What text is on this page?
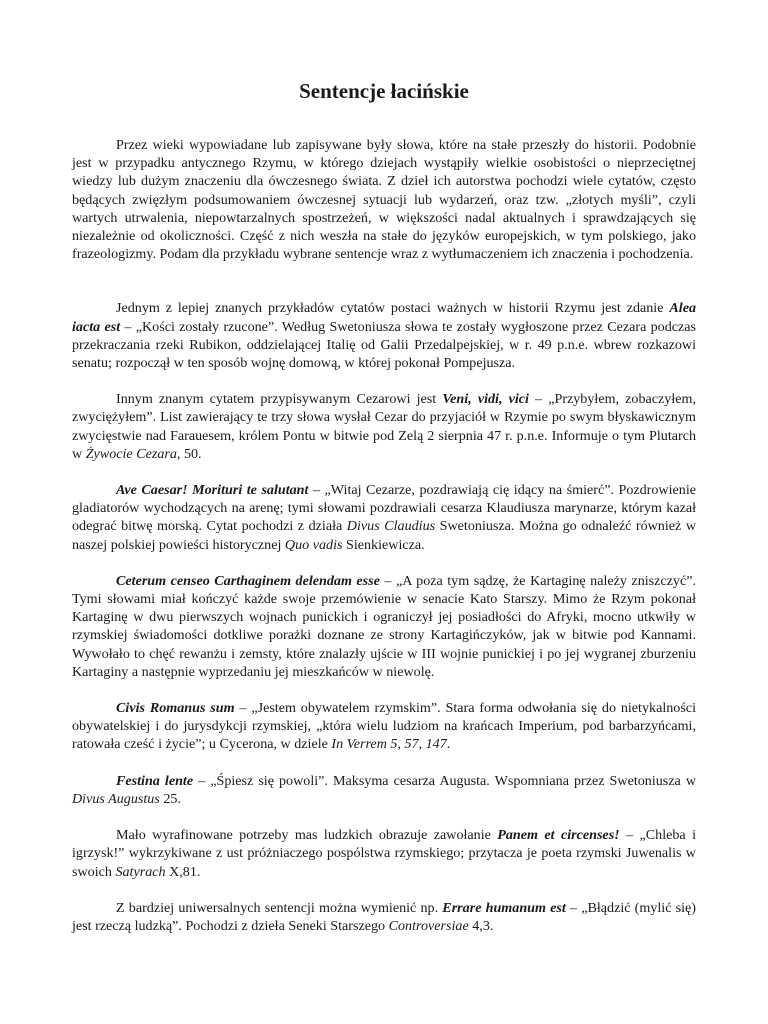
Sentencje łacińskie

Przez wieki wypowiadane lub zapisywane były słowa, które na stałe przeszły do historii. Podobnie jest w przypadku antycznego Rzymu, w którego dziejach wystąpiły wielkie osobistości o nieprzeciętnej wiedzy lub dużym znaczeniu dla ówczesnego świata. Z dzieł ich autorstwa pochodzi wiele cytatów, często będących zwięzłym podsumowaniem ówczesnej sytuacji lub wydarzeń, oraz tzw. „złotych myśli”, czyli wartych utrwalenia, niepowtarzalnych spostrzeżeń, w większości nadal aktualnych i sprawdzających się niezależnie od okoliczności. Część z nich weszła na stałe do języków europejskich, w tym polskiego, jako frazeologizmy. Podam dla przykładu wybrane sentencje wraz z wytłumaczeniem ich znaczenia i pochodzenia.

Jednym z lepiej znanych przykładów cytatów postaci ważnych w historii Rzymu jest zdanie Alea iacta est – „Kości zostały rzucone”. Według Swetoniusza słowa te zostały wygłoszone przez Cezara podczas przekraczania rzeki Rubikon, oddzielającej Italię od Galii Przedalpejskiej, w r. 49 p.n.e. wbrew rozkazowi senatu; rozpoczął w ten sposób wojnę domową, w której pokonał Pompejusza.

Innym znanym cytatem przypisywanym Cezarowi jest Veni, vidi, vici – „Przybyłem, zobaczyłem, zwyciężyłem”. List zawierający te trzy słowa wysłał Cezar do przyjaciół w Rzymie po swym błyskawicznym zwycięstwie nad Farauesem, królem Pontu w bitwie pod Zelą 2 sierpnia 47 r. p.n.e. Informuje o tym Plutarch w Żywocie Cezara, 50.

Ave Caesar! Morituri te salutant – „Witaj Cezarze, pozdrawiają cię idący na śmierć”. Pozdrowienie gladiatorów wychodzących na arenę; tymi słowami pozdrawiali cesarza Klaudiusza marynarze, którym kazał odegrać bitwę morską. Cytat pochodzi z działa Divus Claudius Swetoniusza. Można go odnaleźć również w naszej polskiej powieści historycznej Quo vadis Sienkiewicza.

Ceterum censeo Carthaginem delendam esse – „A poza tym sądzę, że Kartaginę należy zniszczyć”. Tymi słowami miał kończyć każde swoje przemówienie w senacie Kato Starszy. Mimo że Rzym pokonał Kartaginę w dwu pierwszych wojnach punickich i ograniczył jej posiadłości do Afryki, mocno utkwiły w rzymskiej świadomości dotkliwe porażki doznane ze strony Kartagińczyków, jak w bitwie pod Kannami. Wywołało to chęć rewanżu i zemsty, które znalazły ujście w III wojnie punickiej i po jej wygranej zburzeniu Kartaginy a następnie wyprzedaniu jej mieszkańców w niewolę.

Civis Romanus sum – „Jestem obywatelem rzymskim”. Stara forma odwołania się do nietykalności obywatelskiej i do jurysdykcji rzymskiej, „która wielu ludziom na krańcach Imperium, pod barbarzyńcami, ratowała cześć i życie”; u Cycerona, w dziele In Verrem 5, 57, 147.

Festina lente – „Śpiesz się powoli”. Maksyma cesarza Augusta. Wspomniana przez Swetoniusza w Divus Augustus 25.

Mało wyrafinowane potrzeby mas ludzkich obrazuje zawołanie Panem et circenses! – „Chleba i igrzysk!” wykrzykiwane z ust próżniaczego pospólstwa rzymskiego; przytacza je poeta rzymski Juwenalis w swoich Satyrach X,81.

Z bardziej uniwersalnych sentencji można wymienić np. Errare humanum est – „Błądzić (mylić się) jest rzeczą ludzką”. Pochodzi z dzieła Seneki Starszego Controversiae 4,3.
